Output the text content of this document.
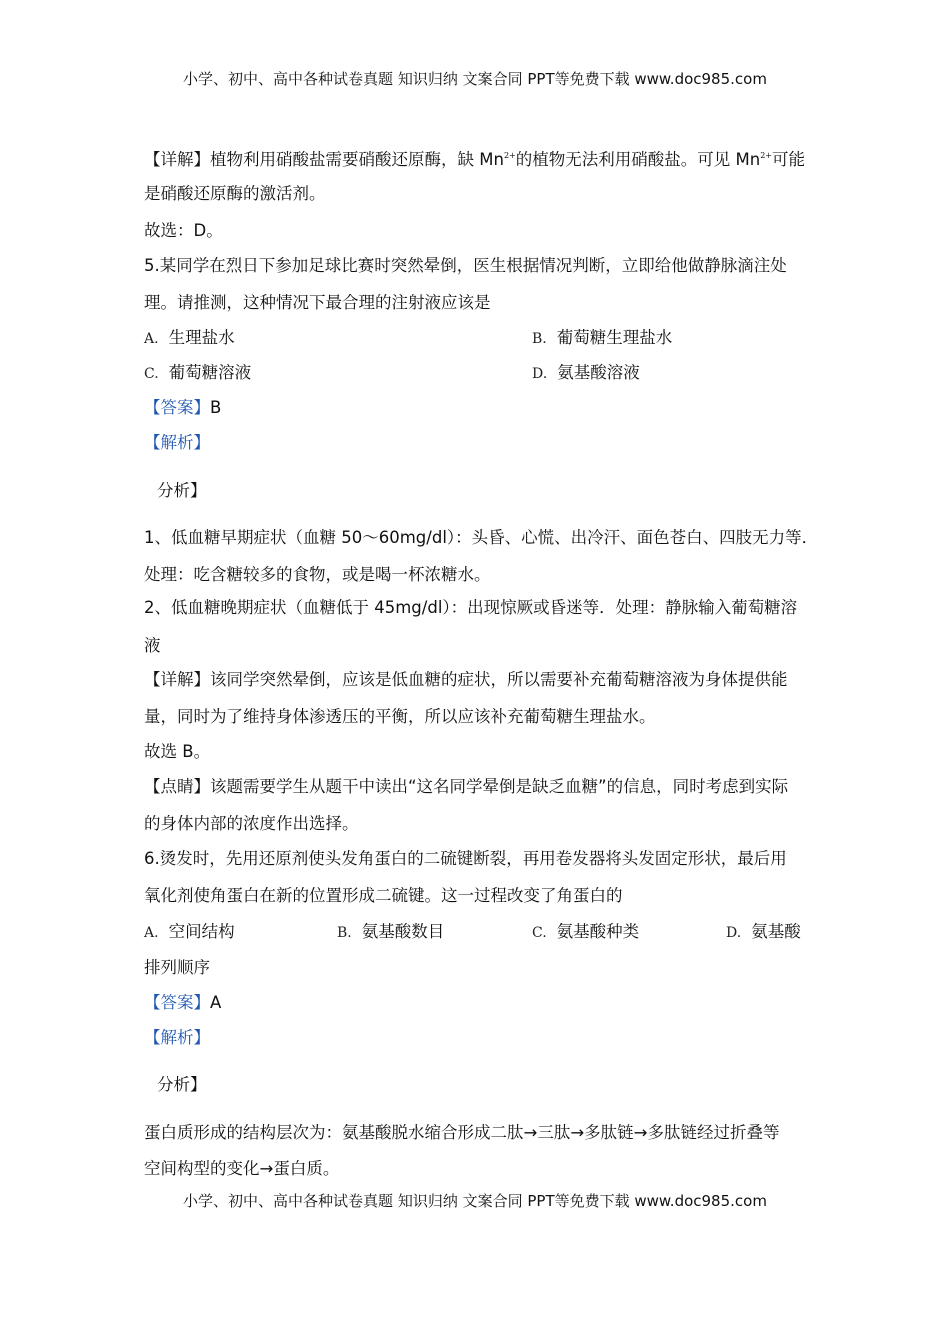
小学、初中、高中各种试卷真题 知识归纳 文案合同 PPT等免费下载 www.doc985.com
【详解】植物利用硝酸盐需要硝酸还原酶，缺 $Mn^{2+}$的植物无法利用硝酸盐。可见 $Mn^{2+}$可能
是硝酸还原酶的激活剂。
故选：D。
5.某同学在烈日下参加足球比赛时突然晕倒，医生根据情况判断，立即给他做静脉滴注处
理。请推测，这种情况下最合理的注射液应该是
A. 生理盐水	B. 葡萄糖生理盐水
C. 葡萄糖溶液	D. 氨基酸溶液
【答案】B
【解析】
分析】
1、低血糖早期症状（血糖 50～60mg/dl）：头昏、心慌、出冷汗、面色苍白、四肢无力等．
处理：吃含糖较多的食物，或是喝一杯浓糖水。
2、低血糖晚期症状（血糖低于 45mg/dl）：出现惊厥或昏迷等．处理：静脉输入葡萄糖溶
液
【详解】该同学突然晕倒，应该是低血糖的症状，所以需要补充葡萄糖溶液为身体提供能
量，同时为了维持身体渗透压的平衡，所以应该补充葡萄糖生理盐水。
故选 B。
【点睛】该题需要学生从题干中读出“这名同学晕倒是缺乏血糖”的信息，同时考虑到实际
的身体内部的浓度作出选择。
6.烫发时，先用还原剂使头发角蛋白的二硫键断裂，再用卷发器将头发固定形状，最后用
氧化剂使角蛋白在新的位置形成二硫键。这一过程改变了角蛋白的
A. 空间结构	B. 氨基酸数目	C. 氨基酸种类	D. 氨基酸
排列顺序
【答案】A
【解析】
分析】
蛋白质形成的结构层次为：氨基酸脱水缩合形成二肽→三肽→多肽链→多肽链经过折叠等
空间构型的变化→蛋白质。
小学、初中、高中各种试卷真题 知识归纳 文案合同 PPT等免费下载 www.doc985.com
